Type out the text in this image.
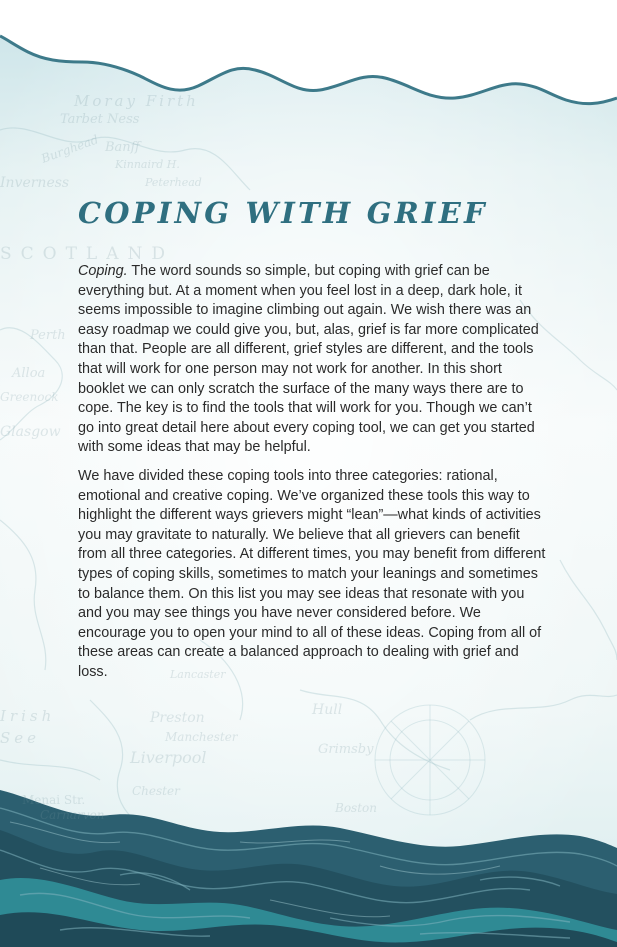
Moray Firth
Tarbet Ness
Burghead Banff
Kinnaird H.
Inverness	Peterhead
SCOTLAND
Perth
Alloa
Greenock
Glasgow
Preston
Manchester
Liverpool
Chester
Hull
Grimsby
Menai Str.
Carnarvon	Boston
Lancaster
Irish See
COPING WITH GRIEF

Coping. The word sounds so simple, but coping with grief can be everything but. At a moment when you feel lost in a deep, dark hole, it seems impossible to imagine climbing out again. We wish there was an easy roadmap we could give you, but, alas, grief is far more complicated than that. People are all different, grief styles are different, and the tools that will work for one person may not work for another. In this short booklet we can only scratch the surface of the many ways there are to cope. The key is to find the tools that will work for you. Though we can’t go into great detail here about every coping tool, we can get you started with some ideas that may be helpful.

We have divided these coping tools into three categories: rational, emotional and creative coping. We’ve organized these tools this way to highlight the different ways grievers might “lean”—what kinds of activities you may gravitate to naturally. We believe that all grievers can benefit from all three categories. At different times, you may benefit from different types of coping skills, sometimes to match your leanings and sometimes to balance them. On this list you may see ideas that resonate with you and you may see things you have never considered before. We encourage you to open your mind to all of these ideas. Coping from all of these areas can create a balanced approach to dealing with grief and loss.
